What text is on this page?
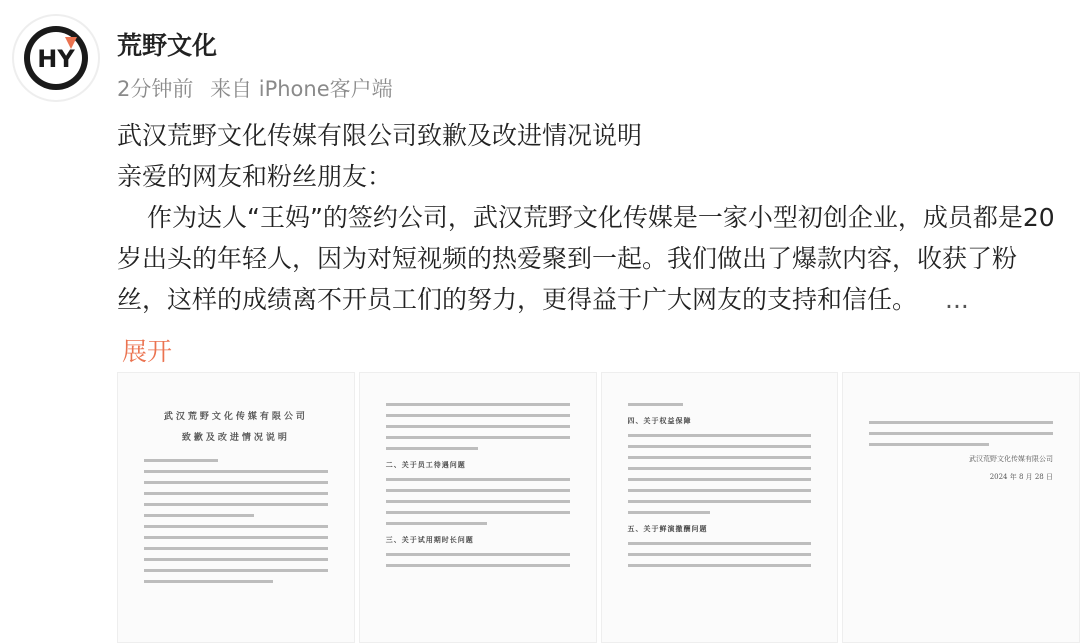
HY 荒野文化
2分钟前 来自 iPhone客户端
武汉荒野文化传媒有限公司致歉及改进情况说明
亲爱的网友和粉丝朋友：
作为达人“王妈”的签约公司，武汉荒野文化传媒是一家小型初创企业，成员都是20岁出头的年轻人，因为对短视频的热爱聚到一起。我们做出了爆款内容，收获了粉丝，这样的成绩离不开员工们的努力，更得益于广大网友的支持和信任。 ...
展开
武汉荒野文化传媒有限公司
致歉及改进情况说明
二、关于员工待遇问题
三、关于试用期时长问题
四、关于权益保障
五、关于鲜演撤酬问题
武汉荒野文化传媒有限公司
2024 年 8 月 28 日
